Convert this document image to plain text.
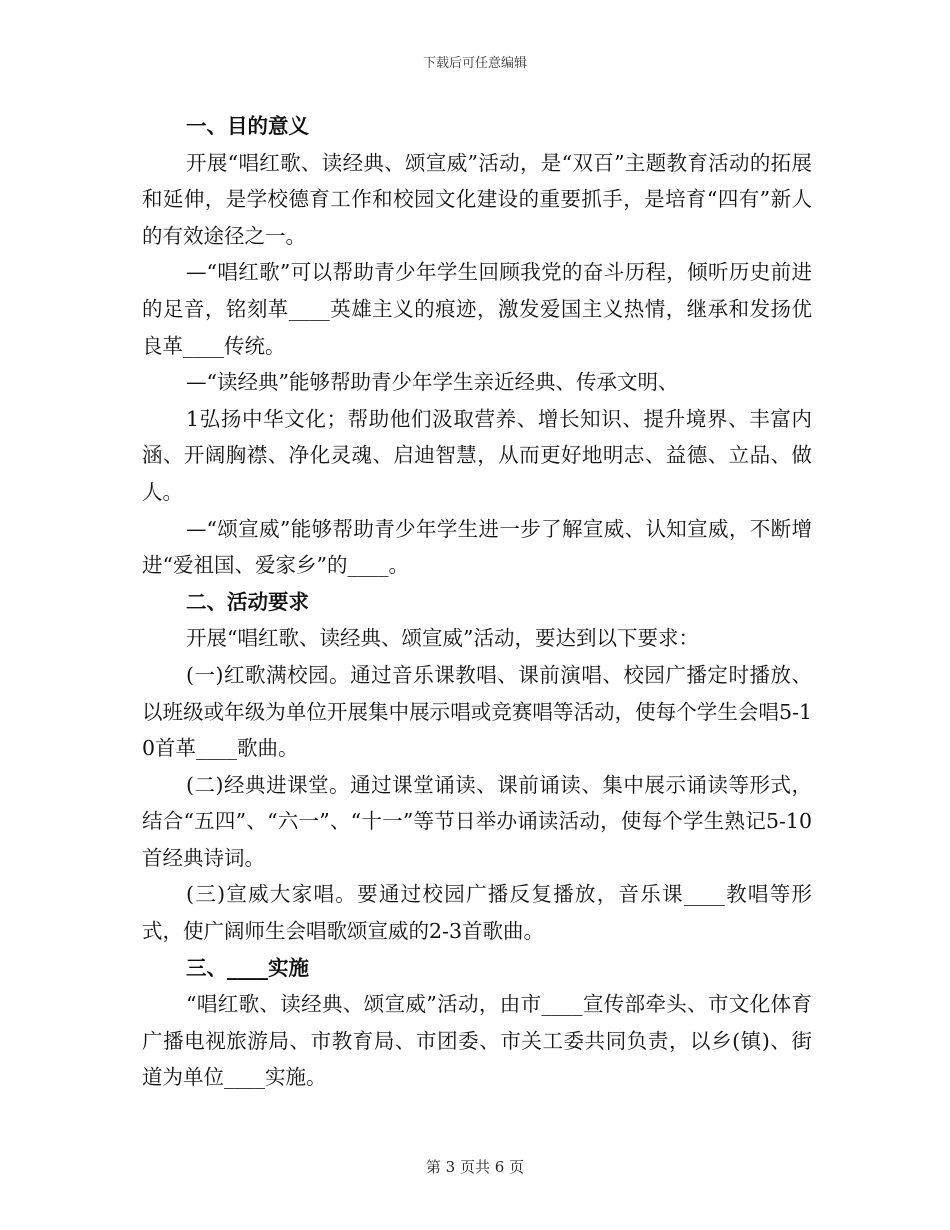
下载后可任意编辑

一、目的意义

开展“唱红歌、读经典、颂宣威”活动，是“双百”主题教育活动的拓展和延伸，是学校德育工作和校园文化建设的重要抓手，是培育“四有”新人的有效途径之一。

—“唱红歌”可以帮助青少年学生回顾我党的奋斗历程，倾听历史前进的足音，铭刻革____英雄主义的痕迹，激发爱国主义热情，继承和发扬优良革____传统。

—“读经典”能够帮助青少年学生亲近经典、传承文明、

1弘扬中华文化；帮助他们汲取营养、增长知识、提升境界、丰富内涵、开阔胸襟、净化灵魂、启迪智慧，从而更好地明志、益德、立品、做人。

—“颂宣威”能够帮助青少年学生进一步了解宣威、认知宣威，不断增进“爱祖国、爱家乡”的____。

二、活动要求

开展“唱红歌、读经典、颂宣威”活动，要达到以下要求：

(一)红歌满校园。通过音乐课教唱、课前演唱、校园广播定时播放、以班级或年级为单位开展集中展示唱或竞赛唱等活动，使每个学生会唱5-10首革____歌曲。

(二)经典进课堂。通过课堂诵读、课前诵读、集中展示诵读等形式，结合“五四”、“六一”、“十一”等节日举办诵读活动，使每个学生熟记5-10首经典诗词。

(三)宣威大家唱。要通过校园广播反复播放，音乐课____教唱等形式，使广阔师生会唱歌颂宣威的2-3首歌曲。

三、____实施

“唱红歌、读经典、颂宣威”活动，由市____宣传部牵头、市文化体育广播电视旅游局、市教育局、市团委、市关工委共同负责，以乡(镇)、街道为单位____实施。

第 3 页共 6 页
